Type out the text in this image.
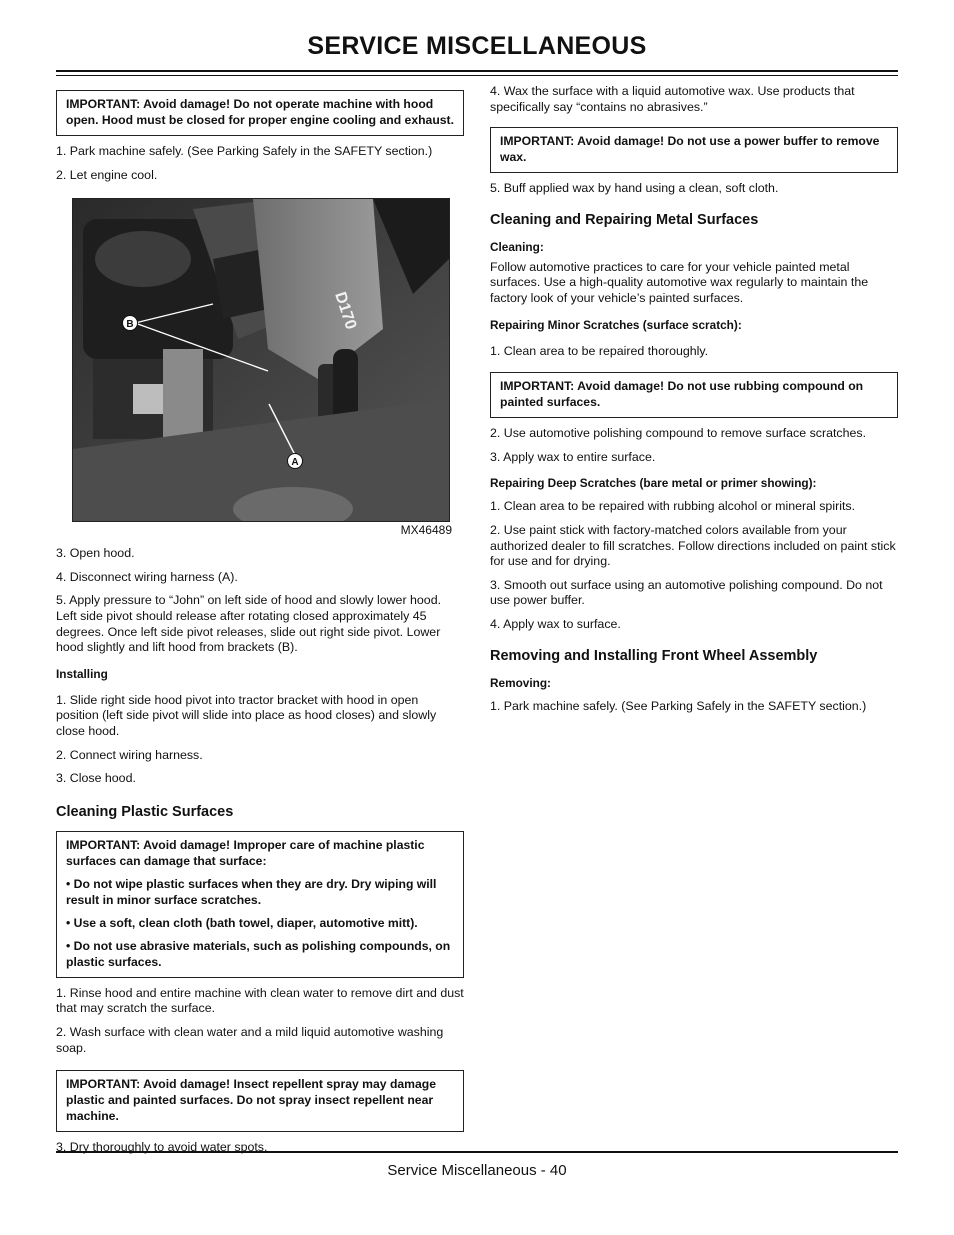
SERVICE MISCELLANEOUS

IMPORTANT: Avoid damage! Do not operate machine with hood open. Hood must be closed for proper engine cooling and exhaust.

1. Park machine safely. (See Parking Safely in the SAFETY section.)

2. Let engine cool.

B
A
D170
MX46489

3. Open hood.

4. Disconnect wiring harness (A).

5. Apply pressure to “John” on left side of hood and slowly lower hood. Left side pivot should release after rotating closed approximately 45 degrees. Once left side pivot releases, slide out right side pivot. Lower hood slightly and lift hood from brackets (B).

Installing

1. Slide right side hood pivot into tractor bracket with hood in open position (left side pivot will slide into place as hood closes) and slowly close hood.

2. Connect wiring harness.

3. Close hood.

Cleaning Plastic Surfaces

IMPORTANT: Avoid damage! Improper care of machine plastic surfaces can damage that surface:

• Do not wipe plastic surfaces when they are dry. Dry wiping will result in minor surface scratches.

• Use a soft, clean cloth (bath towel, diaper, automotive mitt).

• Do not use abrasive materials, such as polishing compounds, on plastic surfaces.

1. Rinse hood and entire machine with clean water to remove dirt and dust that may scratch the surface.

2. Wash surface with clean water and a mild liquid automotive washing soap.

IMPORTANT: Avoid damage! Insect repellent spray may damage plastic and painted surfaces. Do not spray insect repellent near machine.

3. Dry thoroughly to avoid water spots.

4. Wax the surface with a liquid automotive wax. Use products that specifically say “contains no abrasives.”

IMPORTANT: Avoid damage! Do not use a power buffer to remove wax.

5. Buff applied wax by hand using a clean, soft cloth.

Cleaning and Repairing Metal Surfaces
Cleaning:

Follow automotive practices to care for your vehicle painted metal surfaces. Use a high-quality automotive wax regularly to maintain the factory look of your vehicle’s painted surfaces.

Repairing Minor Scratches (surface scratch):

1. Clean area to be repaired thoroughly.

IMPORTANT: Avoid damage! Do not use rubbing compound on painted surfaces.

2. Use automotive polishing compound to remove surface scratches.

3. Apply wax to entire surface.

Repairing Deep Scratches (bare metal or primer showing):

1. Clean area to be repaired with rubbing alcohol or mineral spirits.

2. Use paint stick with factory-matched colors available from your authorized dealer to fill scratches. Follow directions included on paint stick for use and for drying.

3. Smooth out surface using an automotive polishing compound. Do not use power buffer.

4. Apply wax to surface.

Removing and Installing Front Wheel Assembly
Removing:

1. Park machine safely. (See Parking Safely in the SAFETY section.)

Service Miscellaneous - 40
